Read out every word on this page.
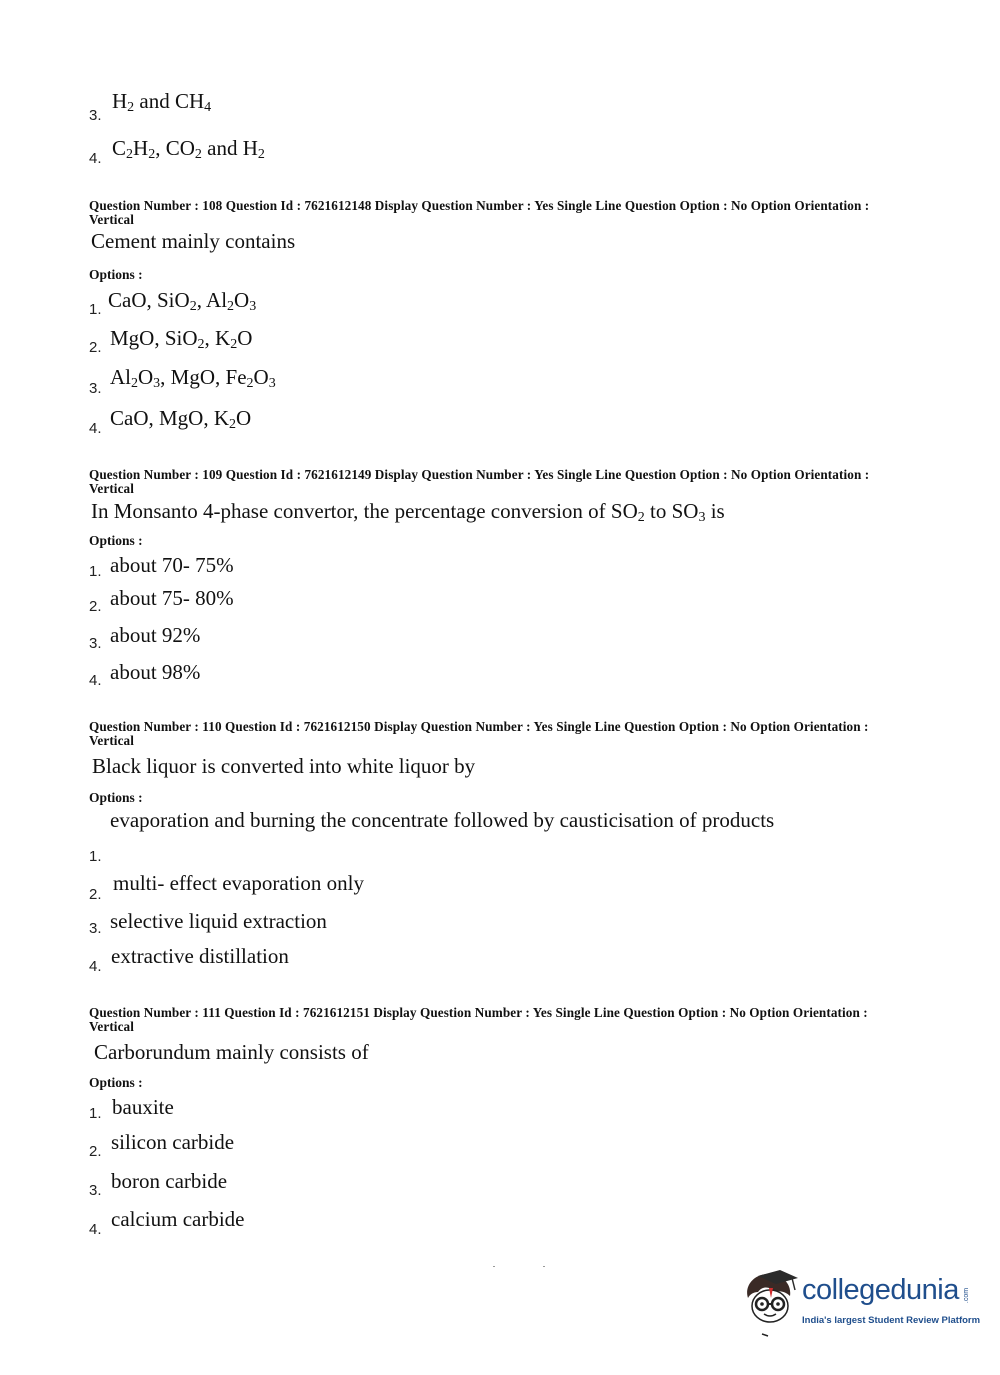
3.
$H_2$ and $CH_4$
4. $C_2H_2$, $CO_2$ and $H_2$
Question Number : 108 Question Id : 7621612148 Display Question Number : Yes Single Line Question Option : No Option Orientation : Vertical
Cement mainly contains
Options :
1. CaO, SiO$_2$, $Al_2O_3$
2. MgO, SiO$_2$, $K_2O$
3. $Al_2O_3$, MgO, $Fe_2O_3$
4. CaO, MgO, $K_2O$
Question Number : 109 Question Id : 7621612149 Display Question Number : Yes Single Line Question Option : No Option Orientation : Vertical
In Monsanto 4-phase convertor, the percentage conversion of $SO_2$ to $SO_3$ is
Options :
1. about 70- 75%
2. about 75- 80%
3. about 92%
4. about 98%
Question Number : 110 Question Id : 7621612150 Display Question Number : Yes Single Line Question Option : No Option Orientation : Vertical
Black liquor is converted into white liquor by
Options :
1.
evaporation and burning the concentrate followed by causticisation of products
2. multi- effect evaporation only
3. selective liquid extraction
4. extractive distillation
Question Number : 111 Question Id : 7621612151 Display Question Number : Yes Single Line Question Option : No Option Orientation : Vertical
Carborundum mainly consists of
Options :
1. bauxite
2. silicon carbide
3. boron carbide
4. calcium carbide
collegedunia .com
India's largest Student Review Platform
